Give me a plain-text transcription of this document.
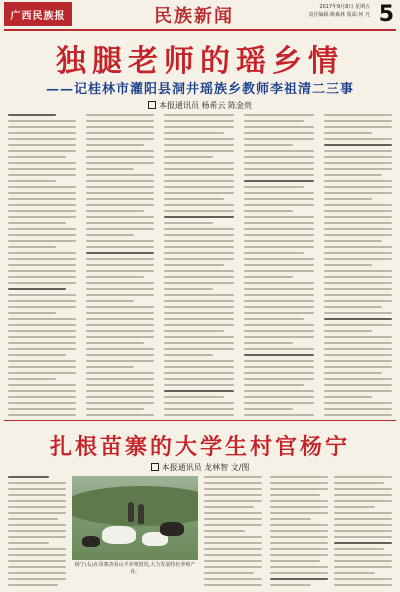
广西民族报	民族新闻	2017年9月8日 星期五
责任编辑:姚森林 版面:何 凡 5
独腿老师的瑶乡情
——记桂林市灌阳县洞井瑶族乡教师李祖清二三事
本报通讯员 杨希云 陈金贵
扎根苗寨的大学生村官杨宁
本报通讯员 龙林智 文/图
杨宁(右)在苗寨查看山羊养殖情况,大力发展特色养殖产业。
